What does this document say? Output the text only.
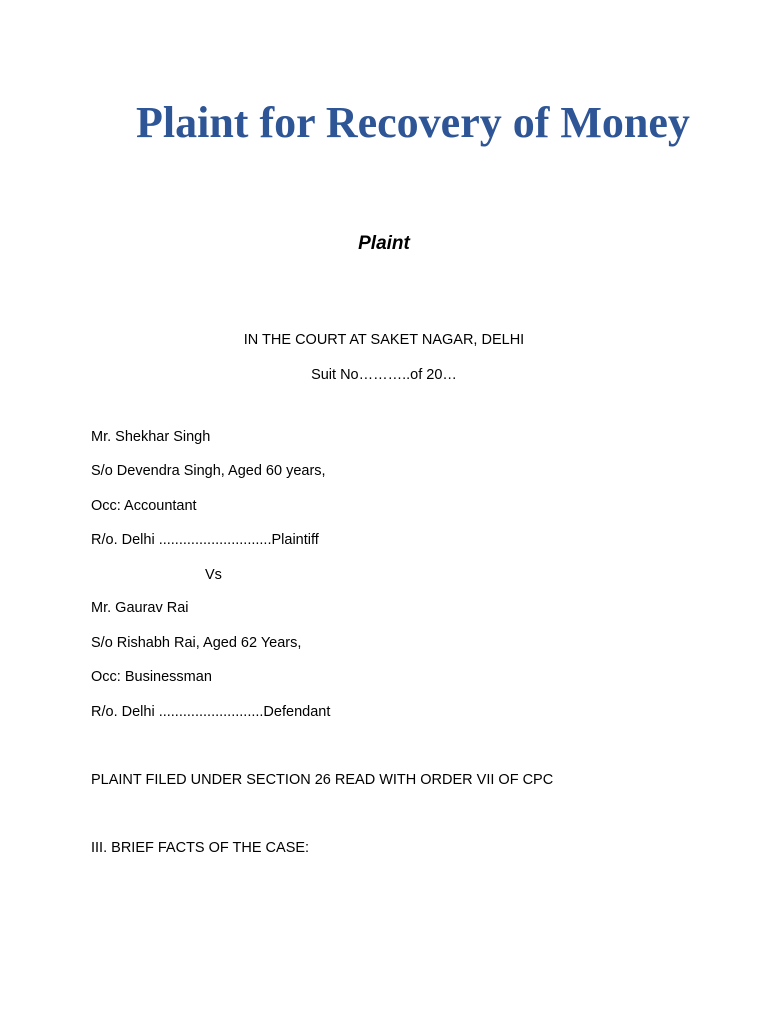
Plaint for Recovery of Money
Plaint
IN THE COURT AT SAKET NAGAR, DELHI
Suit No………..of 20…
Mr. Shekhar Singh
S/o Devendra Singh, Aged 60 years,
Occ: Accountant
R/o. Delhi ............................Plaintiff
Vs
Mr. Gaurav Rai
S/o Rishabh Rai, Aged 62 Years,
Occ: Businessman
R/o. Delhi ..........................Defendant
PLAINT FILED UNDER SECTION 26 READ WITH ORDER VII OF CPC
III. BRIEF FACTS OF THE CASE:
